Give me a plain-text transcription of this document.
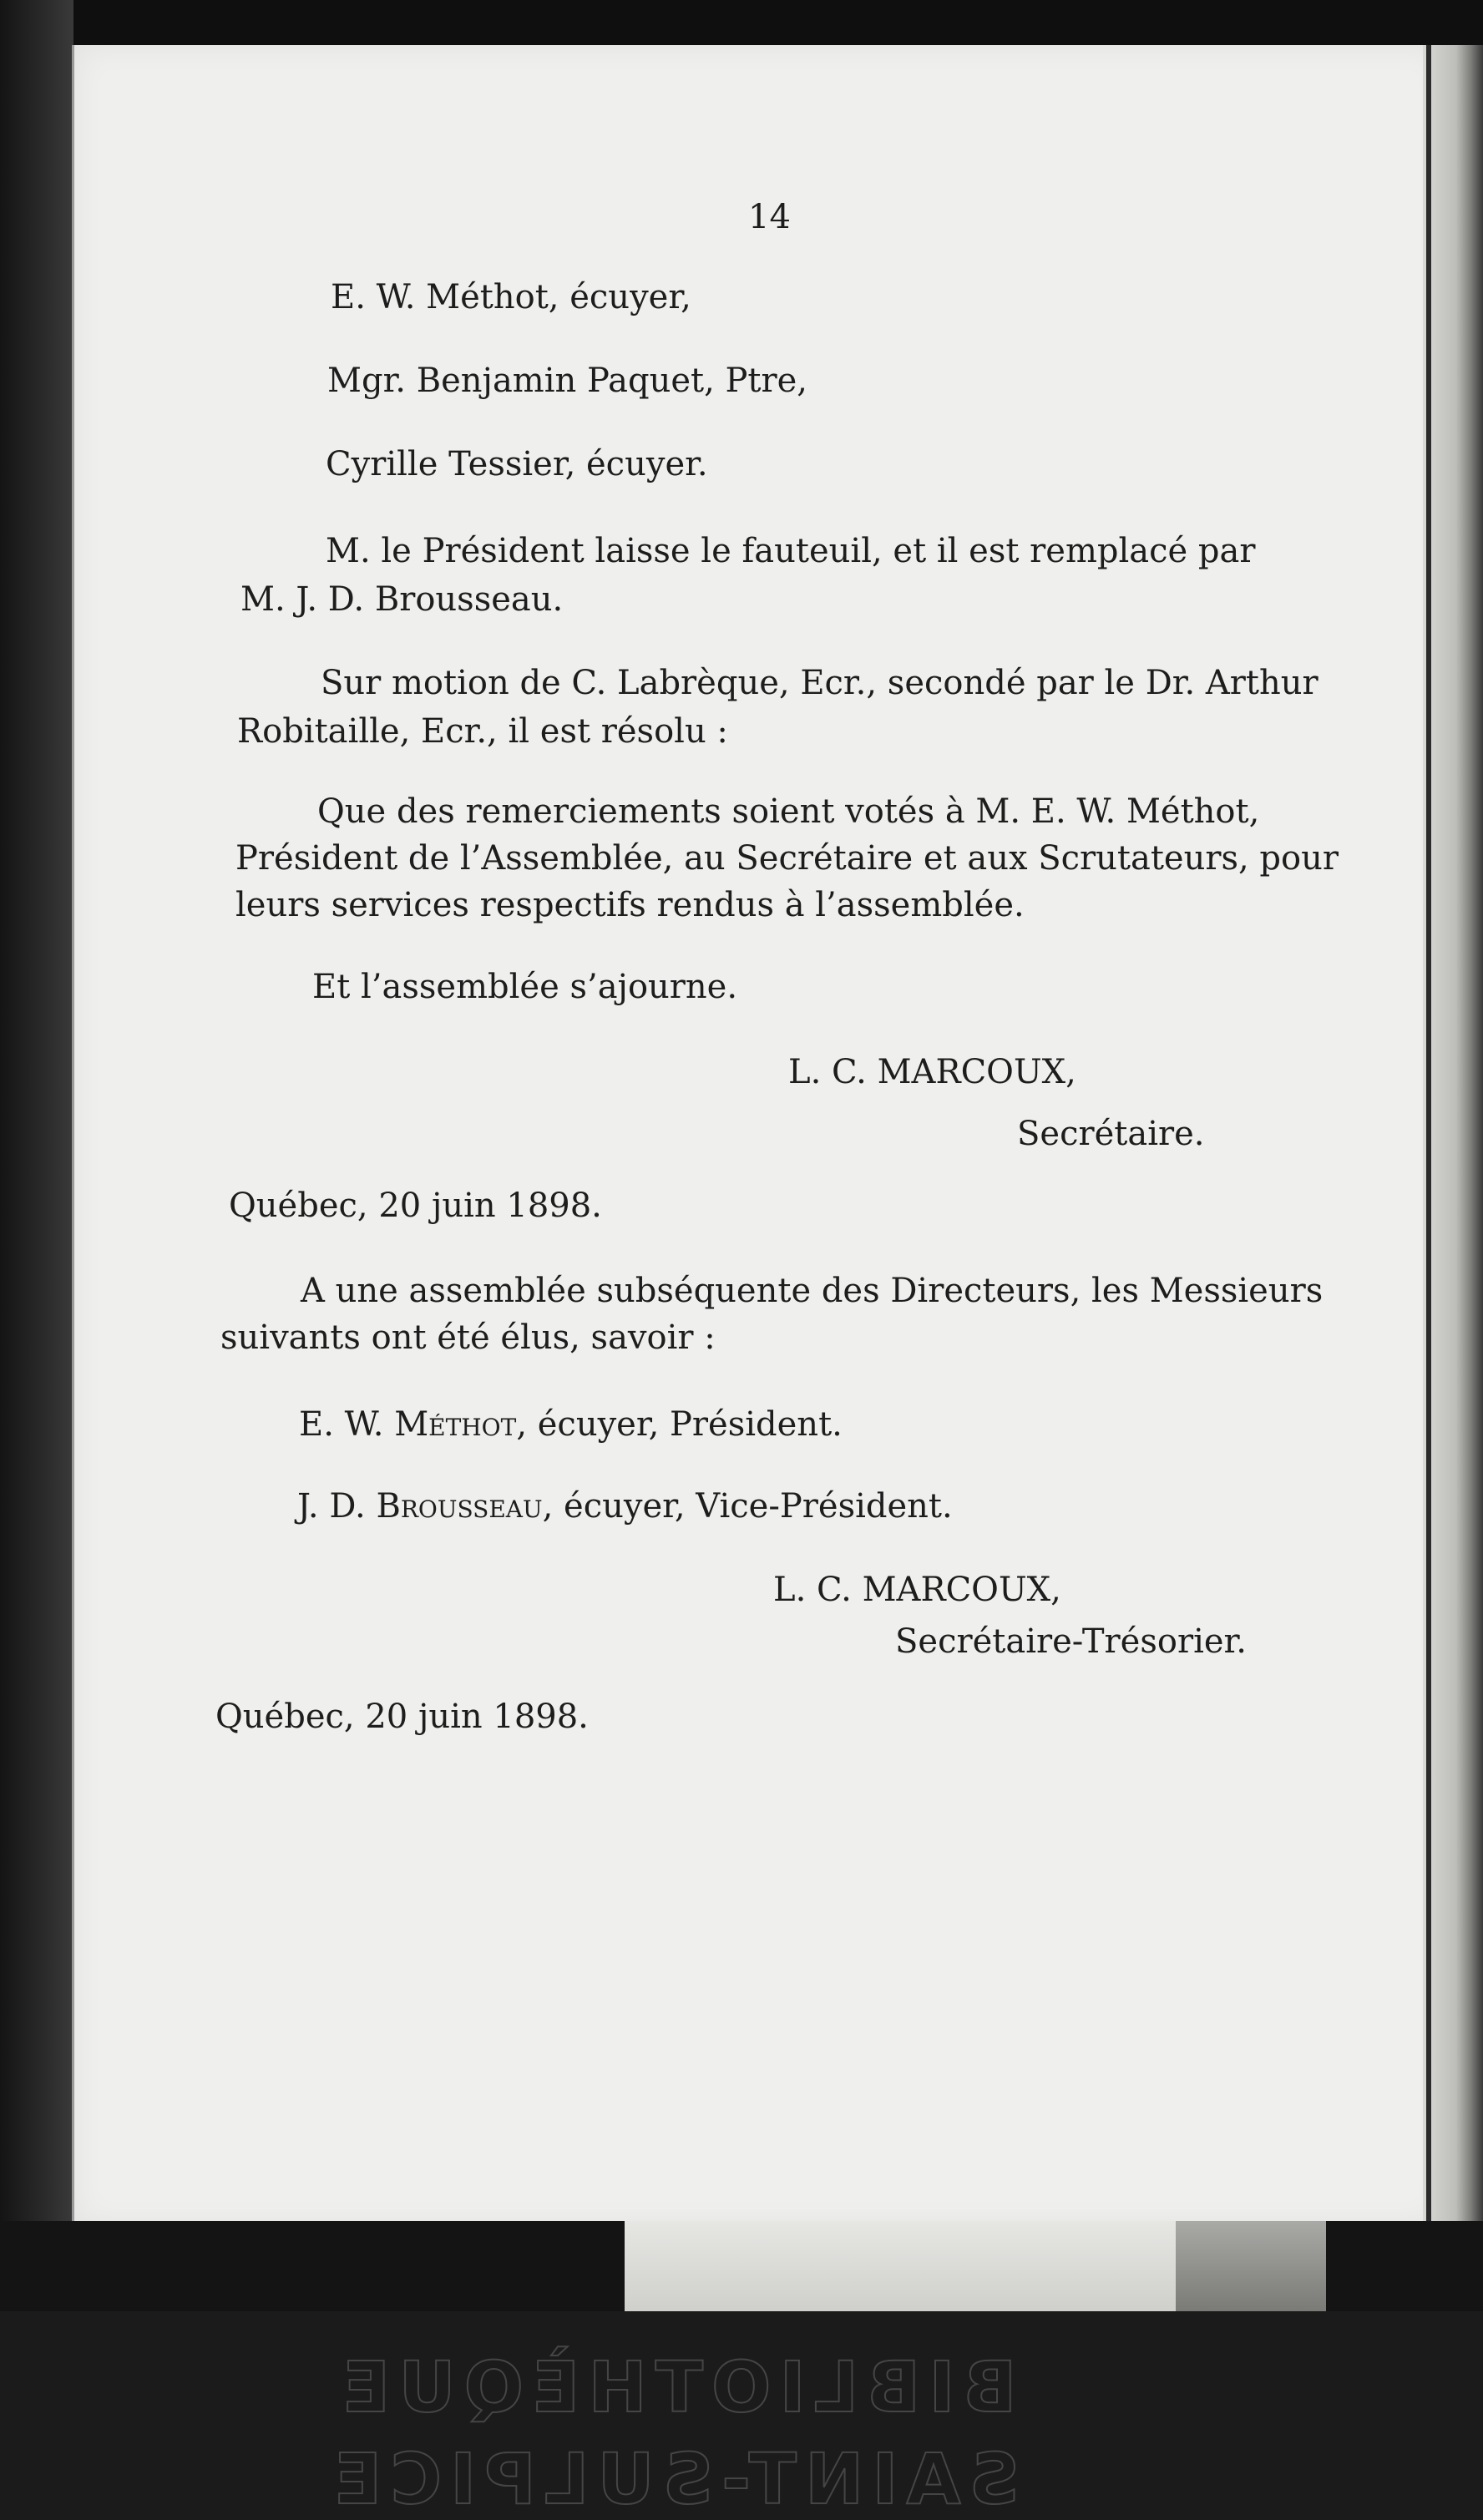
14

E. W. Méthot, écuyer,

Mgr. Benjamin Paquet, Ptre,

Cyrille Tessier, écuyer.

M. le Président laisse le fauteuil, et il est remplacé par

M. J. D. Brousseau.

Sur motion de C. Labrèque, Ecr., secondé par le Dr. Arthur

Robitaille, Ecr., il est résolu :

Que des remerciements soient votés à M. E. W. Méthot,

Président de l’Assemblée, au Secrétaire et aux Scrutateurs, pour

leurs services respectifs rendus à l’assemblée.

Et l’assemblée s’ajourne.

L. C. MARCOUX,

Secrétaire.

Québec, 20 juin 1898.

A une assemblée subséquente des Directeurs, les Messieurs

suivants ont été élus, savoir :

E. W. Méthot, écuyer, Président.

J. D. Brousseau, écuyer, Vice-Président.

L. C. MARCOUX,

Secrétaire-Trésorier.

Québec, 20 juin 1898.

BIBLIOTHÈQUE

SAINT-SULPICE
